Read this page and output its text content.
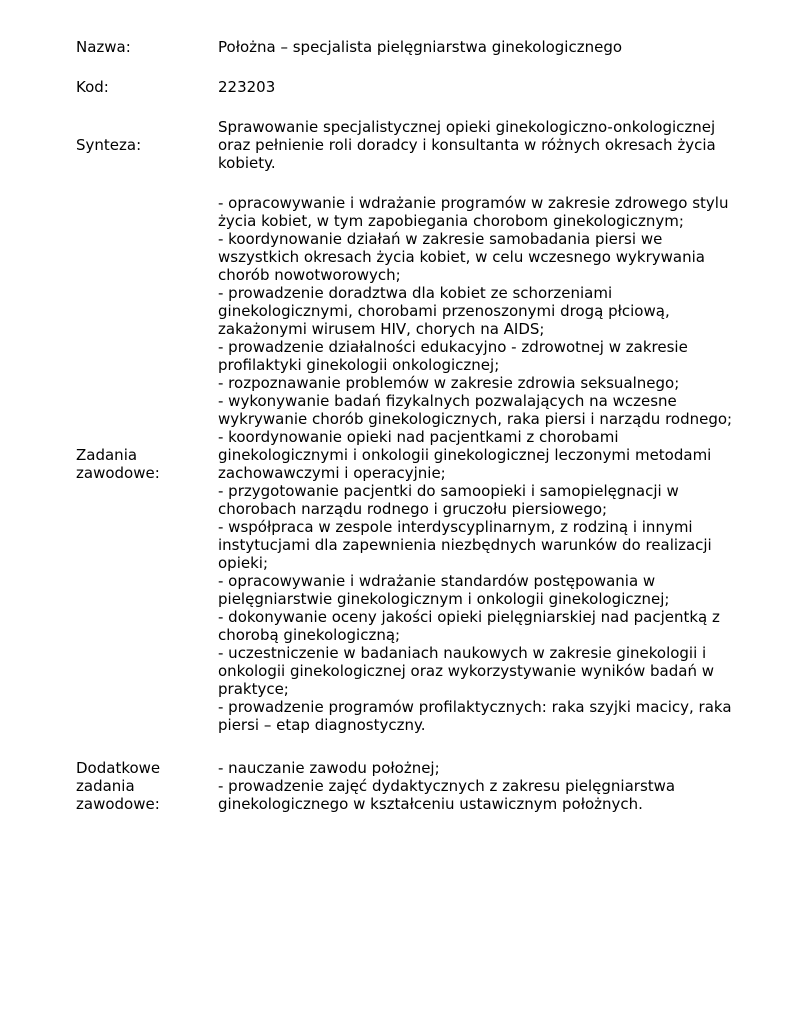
Nazwa:	Położna – specjalista pielęgniarstwa ginekologicznego
Kod:	223203
Synteza:
Sprawowanie specjalistycznej opieki ginekologiczno-onkologicznej
oraz pełnienie roli doradcy i konsultanta w różnych okresach życia
kobiety.
Zadania
zawodowe:
- opracowywanie i wdrażanie programów w zakresie zdrowego stylu
życia kobiet, w tym zapobiegania chorobom ginekologicznym;
- koordynowanie działań w zakresie samobadania piersi we
wszystkich okresach życia kobiet, w celu wczesnego wykrywania
chorób nowotworowych;
- prowadzenie doradztwa dla kobiet ze schorzeniami
ginekologicznymi, chorobami przenoszonymi drogą płciową,
zakażonymi wirusem HIV, chorych na AIDS;
- prowadzenie działalności edukacyjno - zdrowotnej w zakresie
profilaktyki ginekologii onkologicznej;
- rozpoznawanie problemów w zakresie zdrowia seksualnego;
- wykonywanie badań fizykalnych pozwalających na wczesne
wykrywanie chorób ginekologicznych, raka piersi i narządu rodnego;
- koordynowanie opieki nad pacjentkami z chorobami
ginekologicznymi i onkologii ginekologicznej leczonymi metodami
zachowawczymi i operacyjnie;
- przygotowanie pacjentki do samoopieki i samopielęgnacji w
chorobach narządu rodnego i gruczołu piersiowego;
- współpraca w zespole interdyscyplinarnym, z rodziną i innymi
instytucjami dla zapewnienia niezbędnych warunków do realizacji
opieki;
- opracowywanie i wdrażanie standardów postępowania w
pielęgniarstwie ginekologicznym i onkologii ginekologicznej;
- dokonywanie oceny jakości opieki pielęgniarskiej nad pacjentką z
chorobą ginekologiczną;
- uczestniczenie w badaniach naukowych w zakresie ginekologii i
onkologii ginekologicznej oraz wykorzystywanie wyników badań w
praktyce;
- prowadzenie programów profilaktycznych: raka szyjki macicy, raka
piersi – etap diagnostyczny.
Dodatkowe
zadania
zawodowe:
- nauczanie zawodu położnej;
- prowadzenie zajęć dydaktycznych z zakresu pielęgniarstwa
ginekologicznego w kształceniu ustawicznym położnych.
